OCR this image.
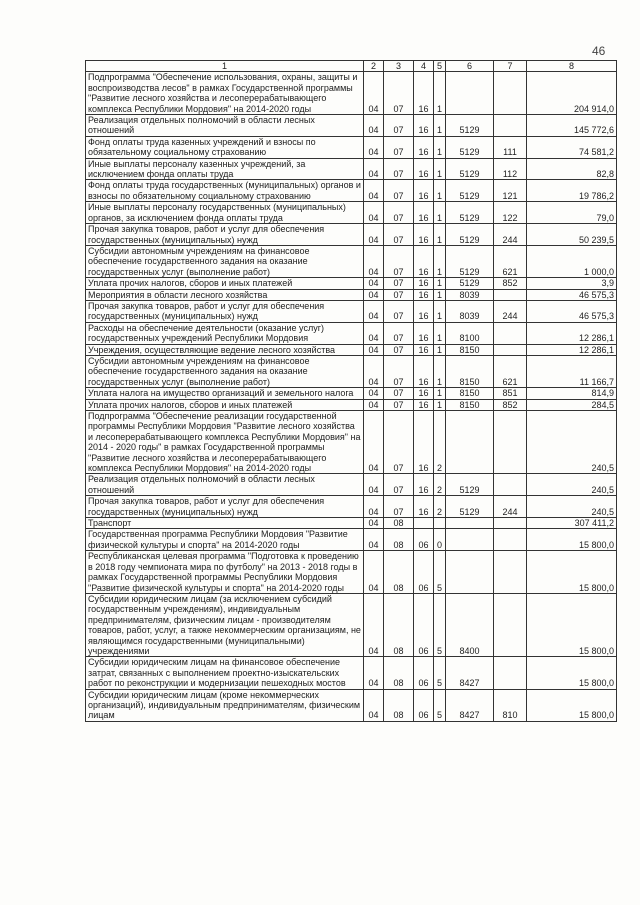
46
1	2	3	4	5	6	7	8
Подпрограмма "Обеспечение использования, охраны, защиты и воспроизводства лесов" в рамках Государственной программы "Развитие лесного хозяйства и лесоперерабатывающего комплекса Республики Мордовия" на 2014-2020 годы	04	07	16	1			204 914,0
Реализация отдельных полномочий в области лесных отношений	04	07	16	1	5129		145 772,6
Фонд оплаты труда казенных учреждений и взносы по обязательному социальному страхованию	04	07	16	1	5129	111	74 581,2
Иные выплаты персоналу казенных учреждений, за исключением фонда оплаты труда	04	07	16	1	5129	112	82,8
Фонд оплаты труда государственных (муниципальных) органов и взносы по обязательному социальному страхованию	04	07	16	1	5129	121	19 786,2
Иные выплаты персоналу государственных (муниципальных) органов, за исключением фонда оплаты труда	04	07	16	1	5129	122	79,0
Прочая закупка товаров, работ и услуг для обеспечения государственных (муниципальных) нужд	04	07	16	1	5129	244	50 239,5
Субсидии автономным учреждениям на финансовое обеспечение государственного задания на оказание государственных услуг (выполнение работ)	04	07	16	1	5129	621	1 000,0
Уплата прочих налогов, сборов и иных платежей	04	07	16	1	5129	852	3,9
Мероприятия в области лесного хозяйства	04	07	16	1	8039		46 575,3
Прочая закупка товаров, работ и услуг для обеспечения государственных (муниципальных) нужд	04	07	16	1	8039	244	46 575,3
Расходы на обеспечение деятельности (оказание услуг) государственных учреждений Республики Мордовия	04	07	16	1	8100		12 286,1
Учреждения, осуществляющие ведение лесного хозяйства	04	07	16	1	8150		12 286,1
Субсидии автономным учреждениям на финансовое обеспечение государственного задания на оказание государственных услуг (выполнение работ)	04	07	16	1	8150	621	11 166,7
Уплата налога на имущество организаций и земельного налога	04	07	16	1	8150	851	814,9
Уплата прочих налогов, сборов и иных платежей	04	07	16	1	8150	852	284,5
Подпрограмма "Обеспечение реализации государственной программы Республики Мордовия "Развитие лесного хозяйства и лесоперерабатывающего комплекса Республики Мордовия" на 2014 - 2020 годы" в рамках Государственной программы "Развитие лесного хозяйства и лесоперерабатывающего комплекса Республики Мордовия" на 2014-2020 годы	04	07	16	2			240,5
Реализация отдельных полномочий в области лесных отношений	04	07	16	2	5129		240,5
Прочая закупка товаров, работ и услуг для обеспечения государственных (муниципальных) нужд	04	07	16	2	5129	244	240,5
Транспорт	04	08					307 411,2
Государственная программа Республики Мордовия "Развитие физической культуры и спорта" на 2014-2020 годы	04	08	06	0			15 800,0
Республиканская целевая программа "Подготовка к проведению в 2018 году чемпионата мира по футболу" на 2013 - 2018 годы в рамках Государственной программы Республики Мордовия "Развитие физической культуры и спорта" на 2014-2020 годы	04	08	06	5			15 800,0
Субсидии юридическим лицам (за исключением субсидий государственным учреждениям), индивидуальным предпринимателям, физическим лицам - производителям товаров, работ, услуг, а также некоммерческим организациям, не являющимся государственными (муниципальными) учреждениями	04	08	06	5	8400		15 800,0
Субсидии юридическим лицам на финансовое обеспечение затрат, связанных с выполнением проектно-изыскательских работ по реконструкции и модернизации пешеходных мостов	04	08	06	5	8427		15 800,0
Субсидии юридическим лицам (кроме некоммерческих организаций), индивидуальным предпринимателям, физическим лицам	04	08	06	5	8427	810	15 800,0
